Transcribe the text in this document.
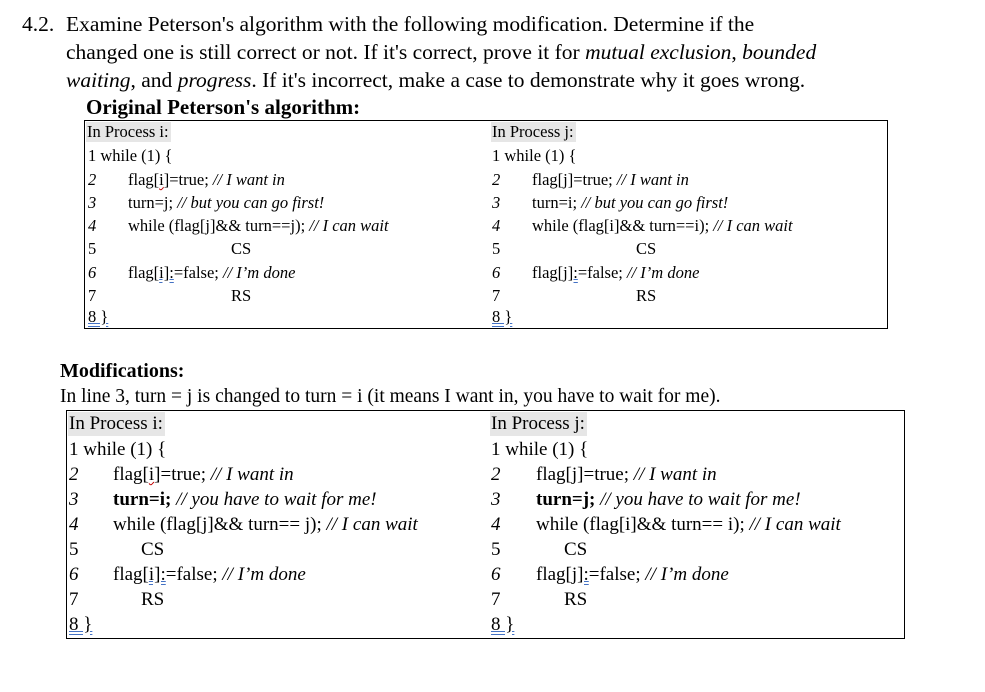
4.2. Examine Peterson's algorithm with the following modification. Determine if the
changed one is still correct or not. If it's correct, prove it for mutual exclusion, bounded
waiting, and progress. If it's incorrect, make a case to demonstrate why it goes wrong.
Original Peterson's algorithm:
In Process i:
1 while (1) {
2 flag[i]=true; // I want in
3 turn=j; // but you can go first!
4 while (flag[j]&& turn==j); // I can wait
5	CS
6 flag[i]:=false; // I’m done
7	RS
8 }
In Process j:
1 while (1) {
2 flag[j]=true; // I want in
3 turn=i; // but you can go first!
4 while (flag[i]&& turn==i); // I can wait
5	CS
6 flag[j]:=false; // I’m done
7	RS
8 }
Modifications:
In line 3, turn = j is changed to turn = i (it means I want in, you have to wait for me).
In Process i:
1 while (1) {
2 flag[i]=true; // I want in
3 turn=i; // you have to wait for me!
4 while (flag[j]&& turn== j); // I can wait
5	CS
6 flag[i]:=false; // I’m done
7	RS
8 }
In Process j:
1 while (1) {
2 flag[j]=true; // I want in
3 turn=j; // you have to wait for me!
4 while (flag[i]&& turn== i); // I can wait
5	CS
6 flag[j]:=false; // I’m done
7	RS
8 }
